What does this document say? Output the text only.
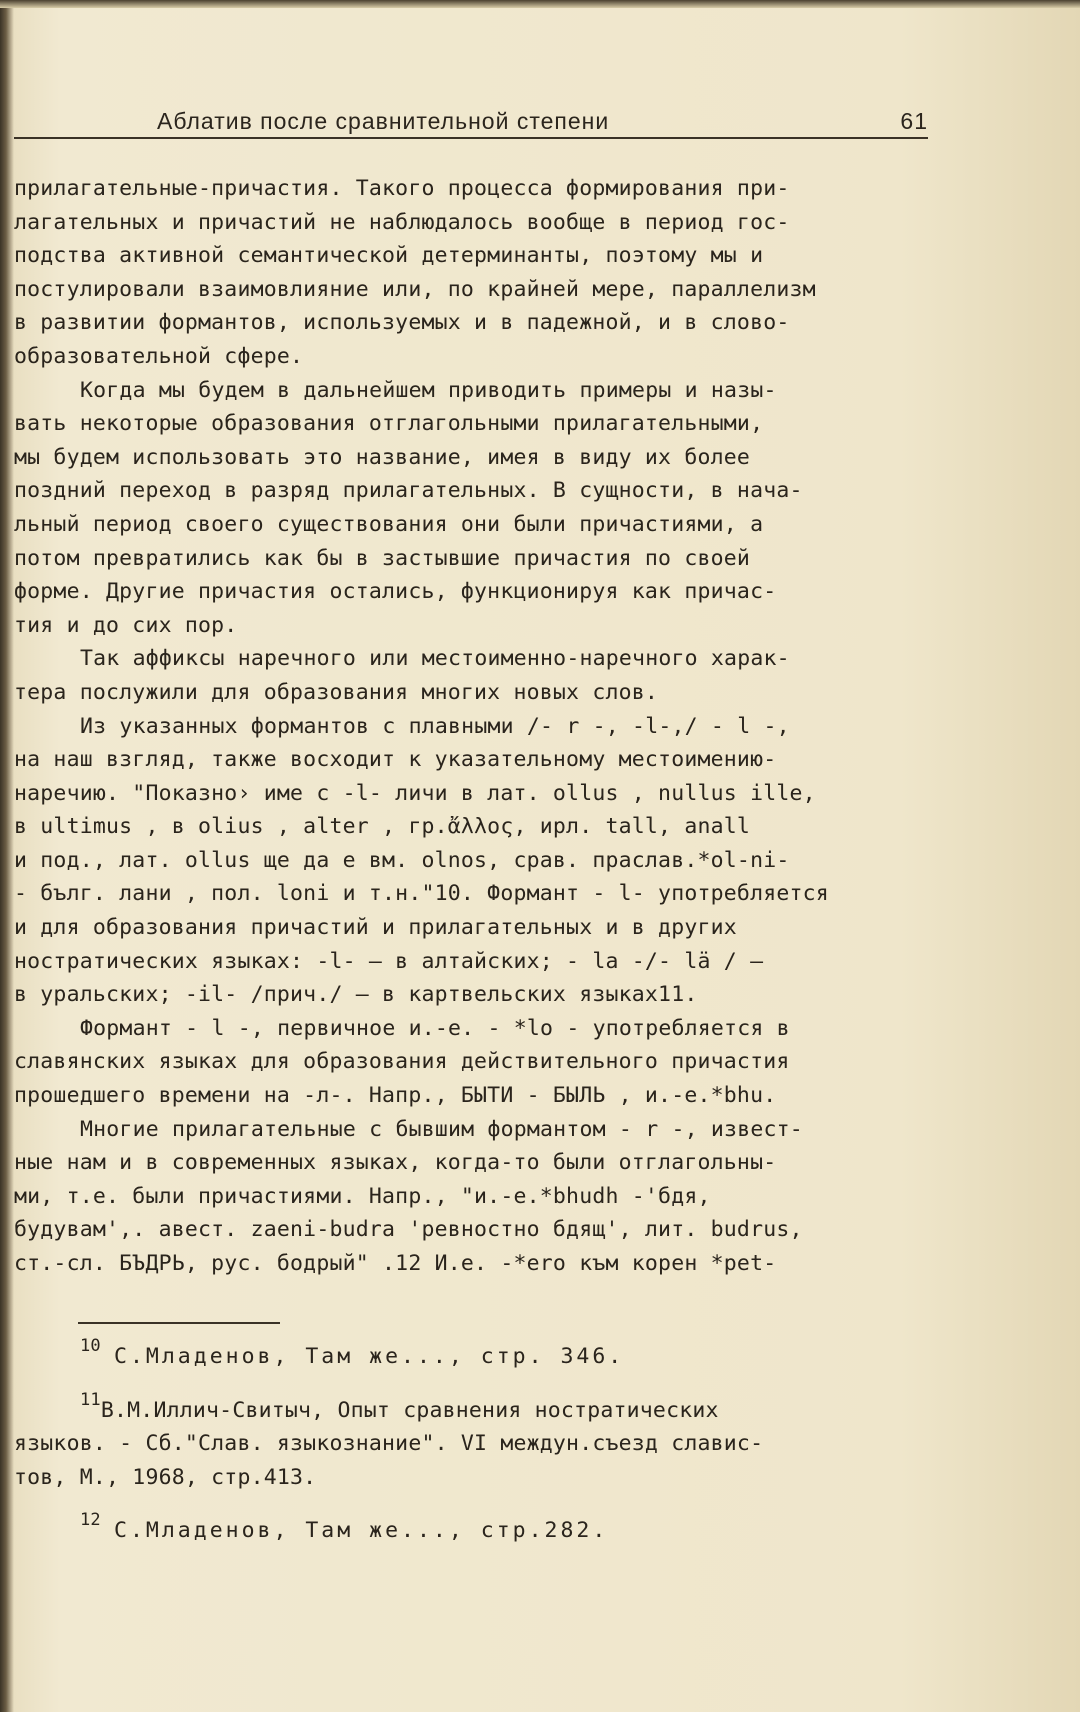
Аблатив после сравнительной степени	61

прилагательные-причастия. Такого процесса формирования при-

лагательных и причастий не наблюдалось вообще в период гос-

подства активной семантической детерминанты, поэтому мы и

постулировали взаимовлияние или, по крайней мере, параллелизм

в развитии формантов, используемых и в падежной, и в слово-

образовательной сфере.

Когда мы будем в дальнейшем приводить примеры и назы-

вать некоторые образования отглагольными прилагательными,

мы будем использовать это название, имея в виду их более

поздний переход в разряд прилагательных. В сущности, в нача-

льный период своего существования они были причастиями, а

потом превратились как бы в застывшие причастия по своей

форме. Другие причастия остались, функционируя как причас-

тия и до сих пор.

Так аффиксы наречного или местоименно-наречного харак-

тера послужили для образования многих новых слов.

Из указанных формантов с плавными /- r -, -l-,/ - l -,

на наш взгляд, также восходит к указательному местоимению-

наречию. "Показно› име с -l- личи в лат. ollus , nullus ille,

в ultimus , в olius , alter , гр.ἄλλος, ирл. tall, anall

и под., лат. ollus ще да е вм. olnos, срав. праслав.*ol-ni-

- бълг. лани , пол. loni и т.н."10. Формант - l- употребляется

и для образования причастий и прилагательных и в других

ностратических языках: -l- — в алтайских; - la -/- lä / —

в уральских; -il- /прич./ — в картвельских языках11.

Формант - l -, первичное и.-е. - *lo - употребляется в

славянских языках для образования действительного причастия

прошедшего времени на -л-. Напр., БЫТИ - БЫЛЬ , и.-е.*bhu.

Многие прилагательные с бывшим формантом - r -, извест-

ные нам и в современных языках, когда-то были отглагольны-

ми, т.е. были причастиями. Напр., "и.-е.*bhudh -'бдя,

будувам',. авест. zaeni-budra 'ревностно бдящ', лит. budrus,

ст.-сл. БЪДРЬ, рус. бодрый" .12 И.е. -*ero към корен *pet-

$^{10}$ С.Младенов, Там же..., стр. 346.

$^{11}$В.М.Иллич-Свитыч, Опыт сравнения ностратических

языков. - Сб."Слав. языкознание". VI междун.съезд славис-

тов, М., 1968, стр.413.

$^{12}$ С.Младенов, Там же..., стр.282.
